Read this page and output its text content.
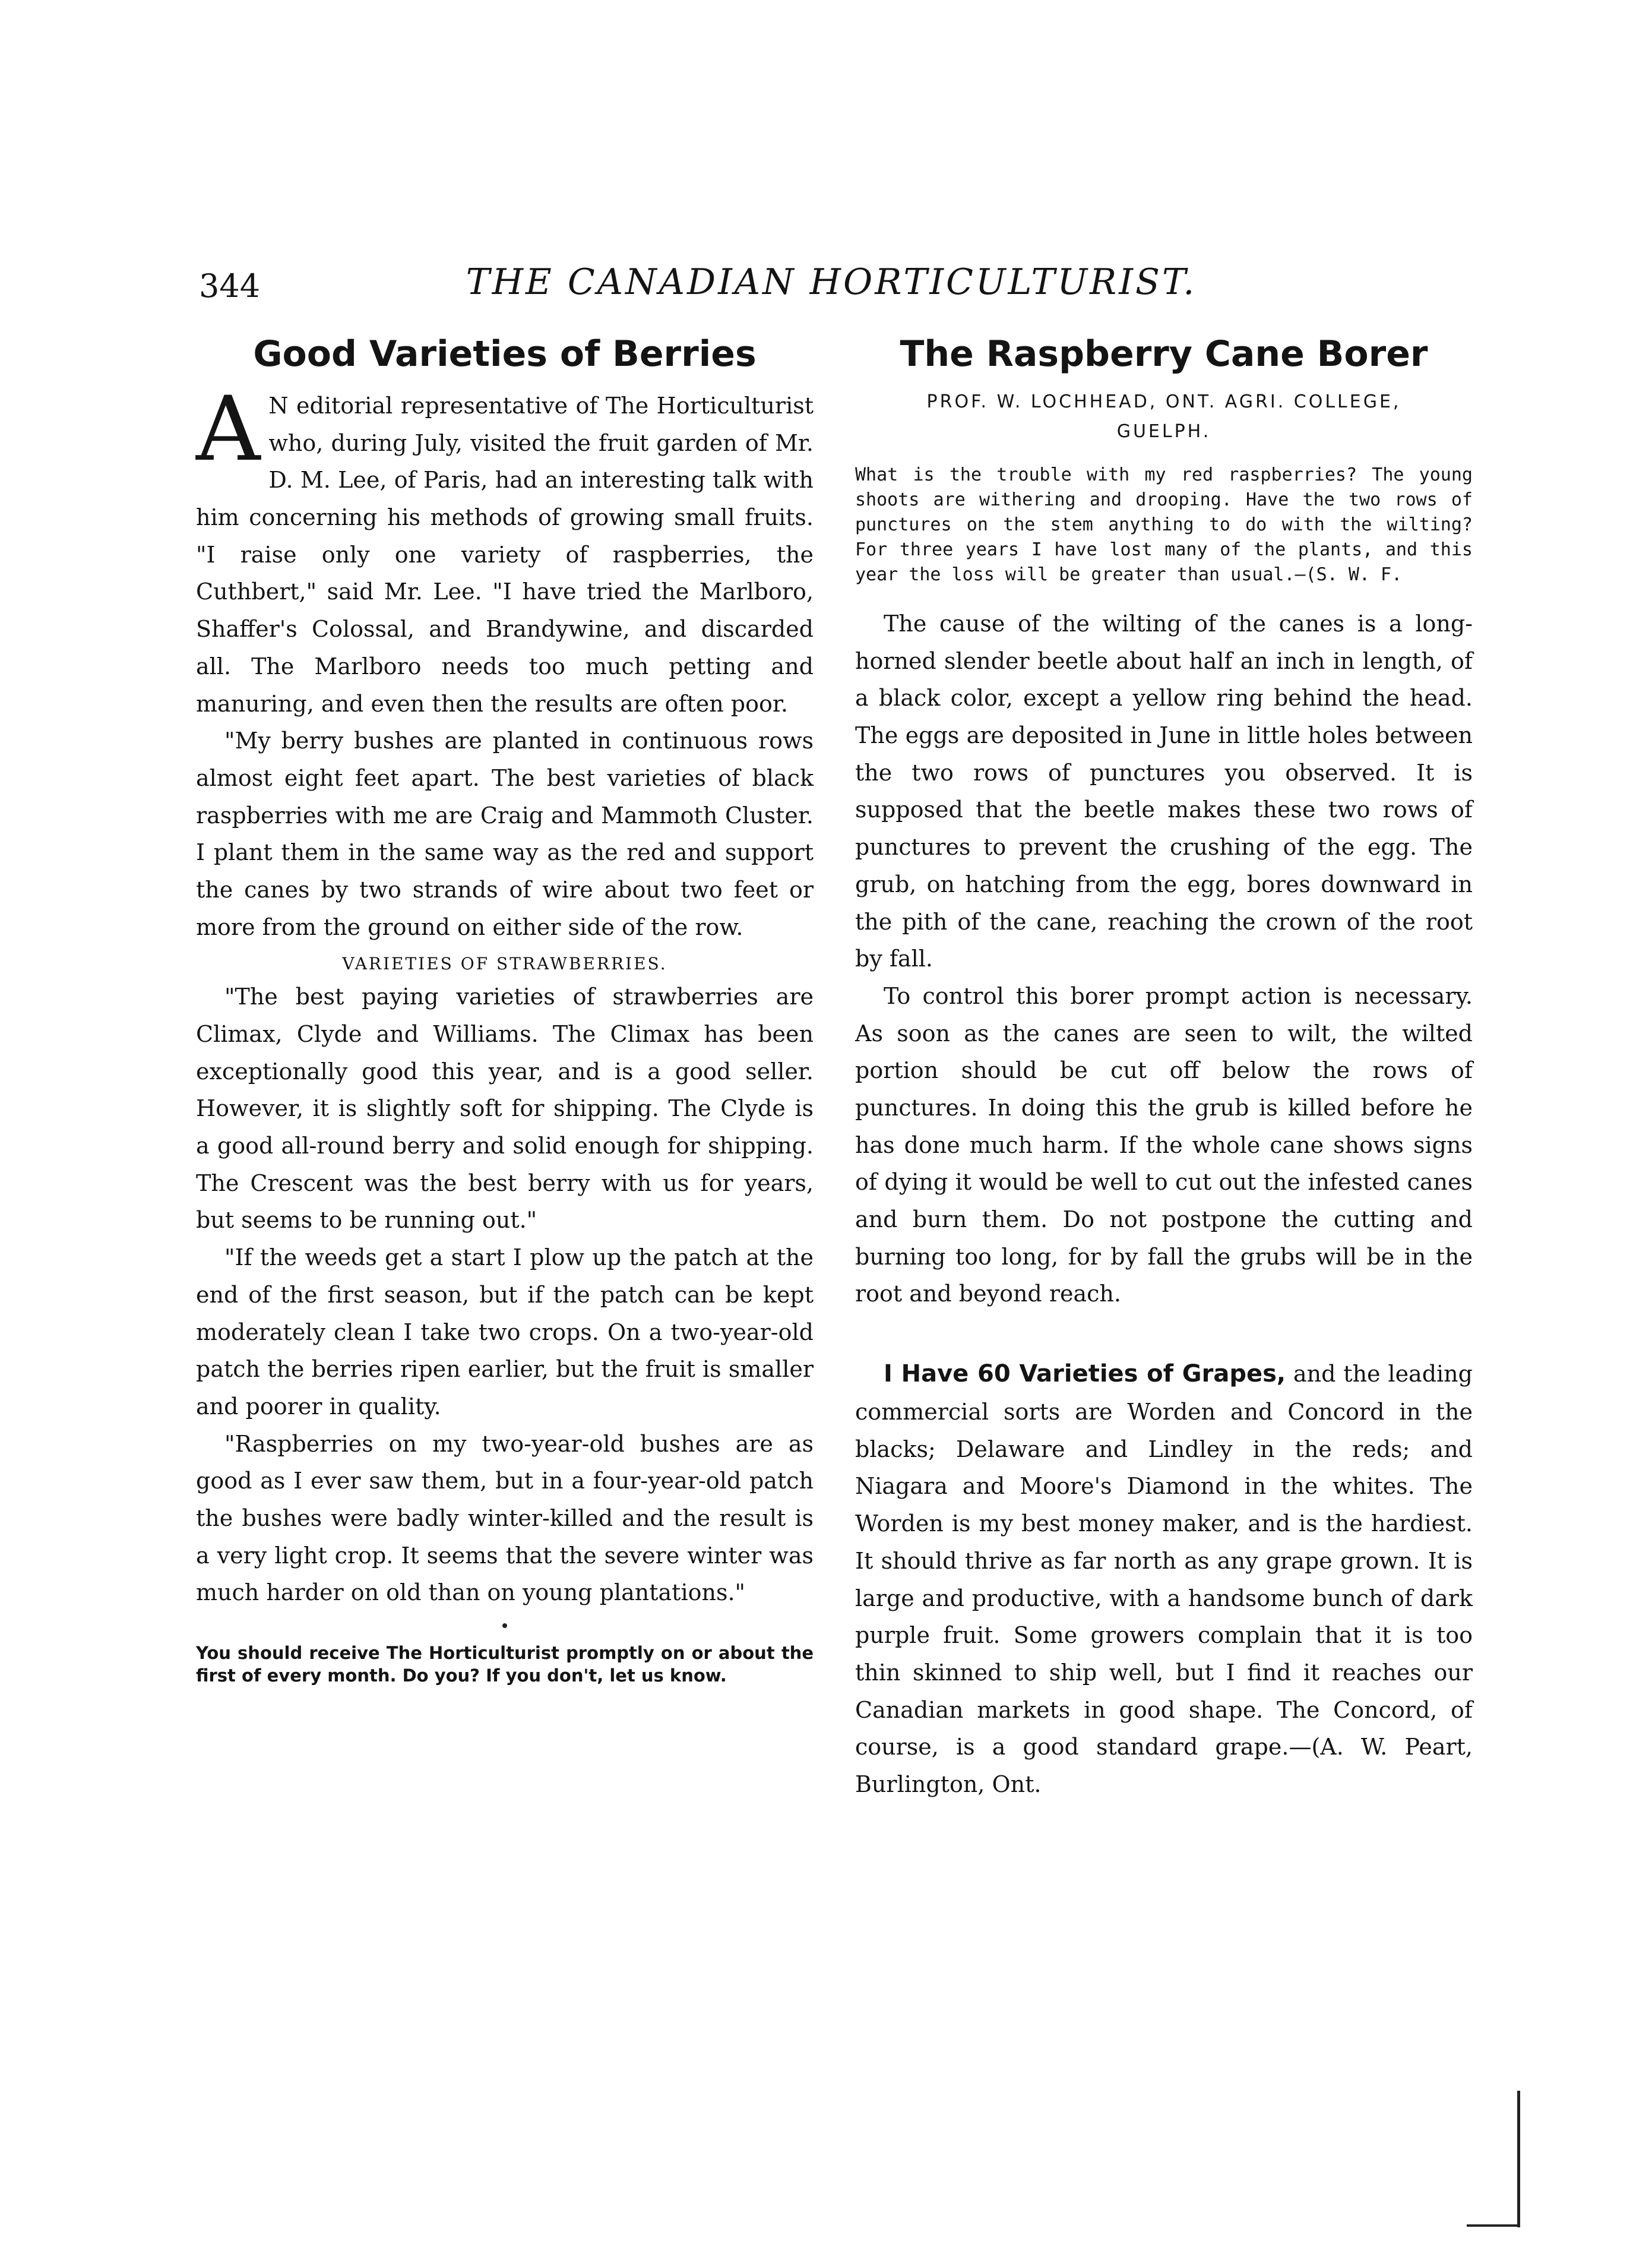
344	THE CANADIAN HORTICULTURIST.
Good Varieties of Berries

A N editorial representative of The Horticulturist who, during July, visited the fruit garden of Mr. D. M. Lee, of Paris, had an interesting talk with him concerning his methods of growing small fruits. "I raise only one variety of raspberries, the Cuthbert," said Mr. Lee. "I have tried the Marlboro, Shaffer's Colossal, and Brandywine, and discarded all. The Marlboro needs too much petting and manuring, and even then the results are often poor.

"My berry bushes are planted in continuous rows almost eight feet apart. The best varieties of black raspberries with me are Craig and Mammoth Cluster. I plant them in the same way as the red and support the canes by two strands of wire about two feet or more from the ground on either side of the row.

VARIETIES OF STRAWBERRIES.

"The best paying varieties of strawberries are Climax, Clyde and Williams. The Climax has been exceptionally good this year, and is a good seller. However, it is slightly soft for shipping. The Clyde is a good all-round berry and solid enough for shipping. The Crescent was the best berry with us for years, but seems to be running out."

"If the weeds get a start I plow up the patch at the end of the first season, but if the patch can be kept moderately clean I take two crops. On a two-year-old patch the berries ripen earlier, but the fruit is smaller and poorer in quality.

"Raspberries on my two-year-old bushes are as good as I ever saw them, but in a four-year-old patch the bushes were badly winter-killed and the result is a very light crop. It seems that the severe winter was much harder on old than on young plantations."

You should receive The Horticulturist promptly on or about the first of every month. Do you? If you don't, let us know.

The Raspberry Cane Borer
PROF. W. LOCHHEAD, ONT. AGRI. COLLEGE, GUELPH.

What is the trouble with my red raspberries? The young shoots are withering and drooping. Have the two rows of punctures on the stem anything to do with the wilting? For three years I have lost many of the plants, and this year the loss will be greater than usual.—(S. W. F.

The cause of the wilting of the canes is a long-horned slender beetle about half an inch in length, of a black color, except a yellow ring behind the head. The eggs are deposited in June in little holes between the two rows of punctures you observed. It is supposed that the beetle makes these two rows of punctures to prevent the crushing of the egg. The grub, on hatching from the egg, bores downward in the pith of the cane, reaching the crown of the root by fall.

To control this borer prompt action is necessary. As soon as the canes are seen to wilt, the wilted portion should be cut off below the rows of punctures. In doing this the grub is killed before he has done much harm. If the whole cane shows signs of dying it would be well to cut out the infested canes and burn them. Do not postpone the cutting and burning too long, for by fall the grubs will be in the root and beyond reach.

I Have 60 Varieties of Grapes, and the leading commercial sorts are Worden and Concord in the blacks; Delaware and Lindley in the reds; and Niagara and Moore's Diamond in the whites. The Worden is my best money maker, and is the hardiest. It should thrive as far north as any grape grown. It is large and productive, with a handsome bunch of dark purple fruit. Some growers complain that it is too thin skinned to ship well, but I find it reaches our Canadian markets in good shape. The Concord, of course, is a good standard grape.—(A. W. Peart, Burlington, Ont.
